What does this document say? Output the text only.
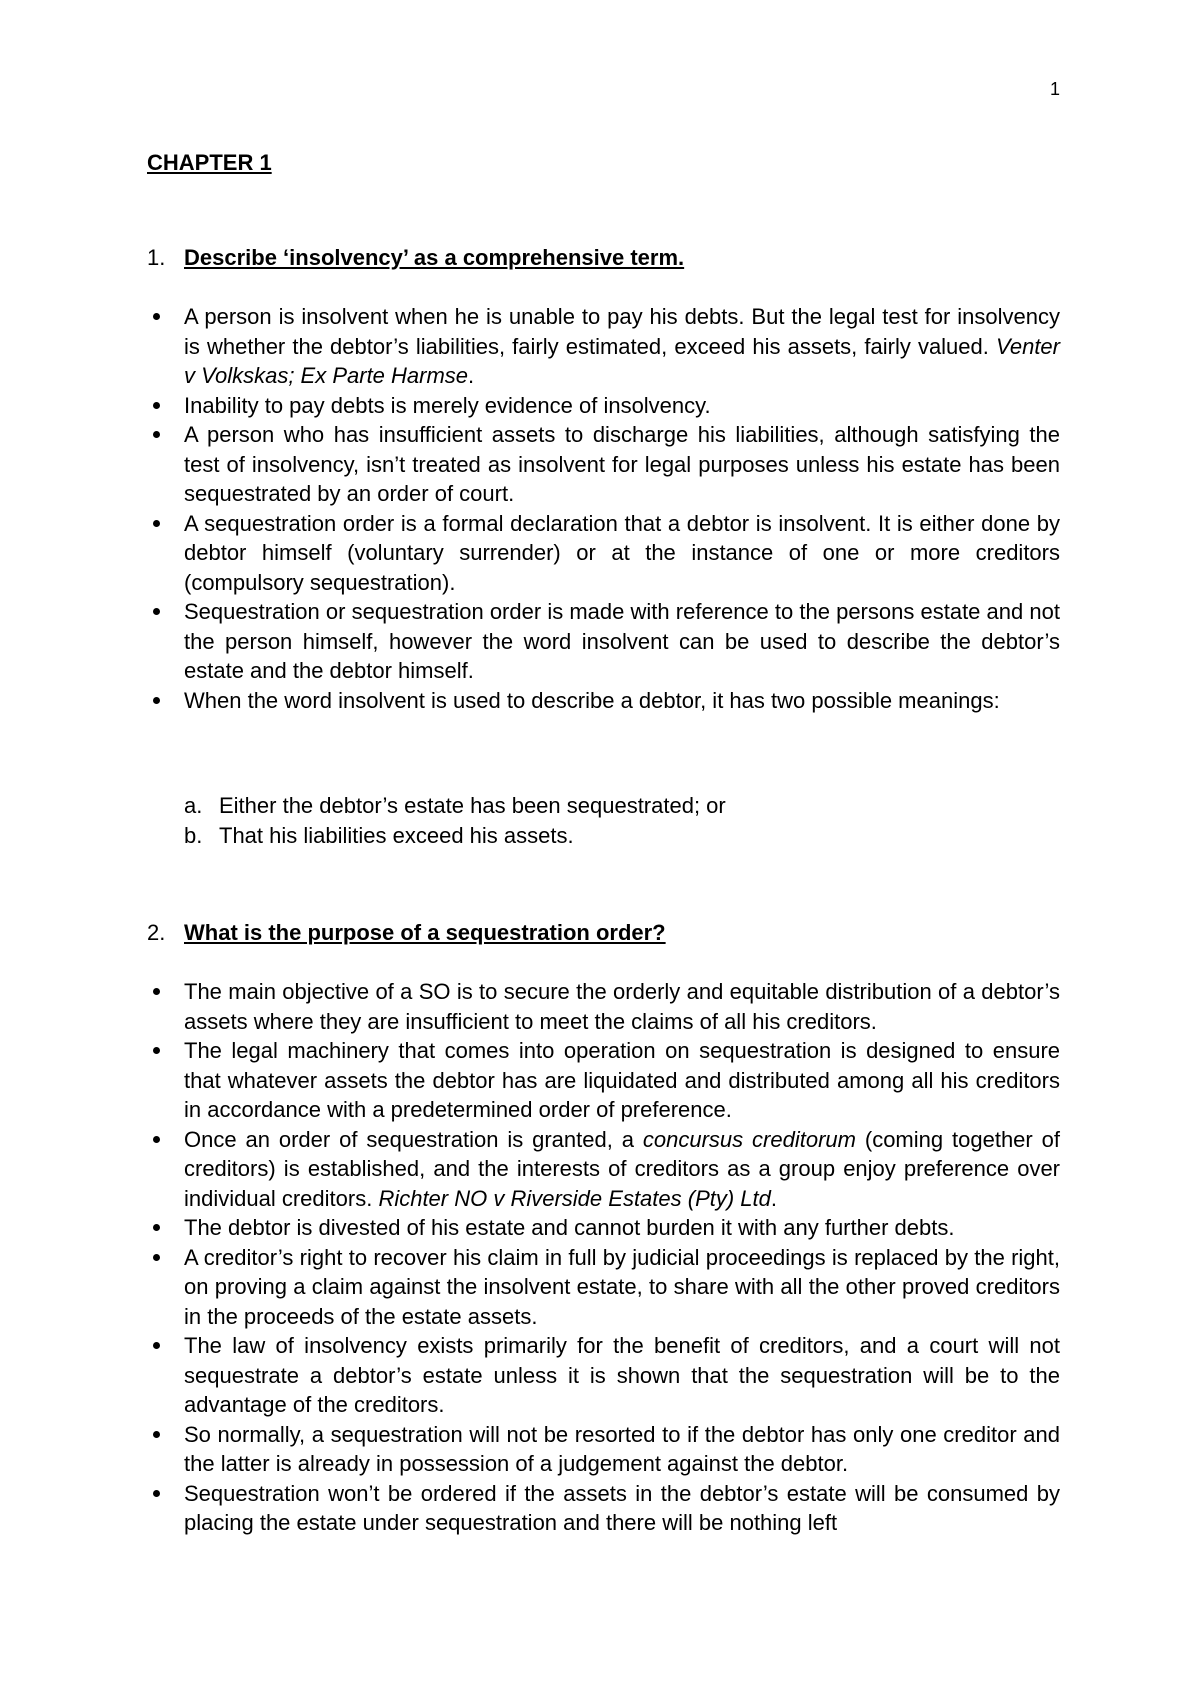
1
CHAPTER 1
1. Describe ‘insolvency’ as a comprehensive term.
A person is insolvent when he is unable to pay his debts. But the legal test for insolvency is whether the debtor’s liabilities, fairly estimated, exceed his assets, fairly valued. Venter v Volkskas; Ex Parte Harmse.
Inability to pay debts is merely evidence of insolvency.
A person who has insufficient assets to discharge his liabilities, although satisfying the test of insolvency, isn’t treated as insolvent for legal purposes unless his estate has been sequestrated by an order of court.
A sequestration order is a formal declaration that a debtor is insolvent. It is either done by debtor himself (voluntary surrender) or at the instance of one or more creditors (compulsory sequestration).
Sequestration or sequestration order is made with reference to the persons estate and not the person himself, however the word insolvent can be used to describe the debtor’s estate and the debtor himself.
When the word insolvent is used to describe a debtor, it has two possible meanings:
a. Either the debtor’s estate has been sequestrated; or
b. That his liabilities exceed his assets.
2. What is the purpose of a sequestration order?
The main objective of a SO is to secure the orderly and equitable distribution of a debtor’s assets where they are insufficient to meet the claims of all his creditors.
The legal machinery that comes into operation on sequestration is designed to ensure that whatever assets the debtor has are liquidated and distributed among all his creditors in accordance with a predetermined order of preference.
Once an order of sequestration is granted, a concursus creditorum (coming together of creditors) is established, and the interests of creditors as a group enjoy preference over individual creditors. Richter NO v Riverside Estates (Pty) Ltd.
The debtor is divested of his estate and cannot burden it with any further debts.
A creditor’s right to recover his claim in full by judicial proceedings is replaced by the right, on proving a claim against the insolvent estate, to share with all the other proved creditors in the proceeds of the estate assets.
The law of insolvency exists primarily for the benefit of creditors, and a court will not sequestrate a debtor’s estate unless it is shown that the sequestration will be to the advantage of the creditors.
So normally, a sequestration will not be resorted to if the debtor has only one creditor and the latter is already in possession of a judgement against the debtor.
Sequestration won’t be ordered if the assets in the debtor’s estate will be consumed by placing the estate under sequestration and there will be nothing left
